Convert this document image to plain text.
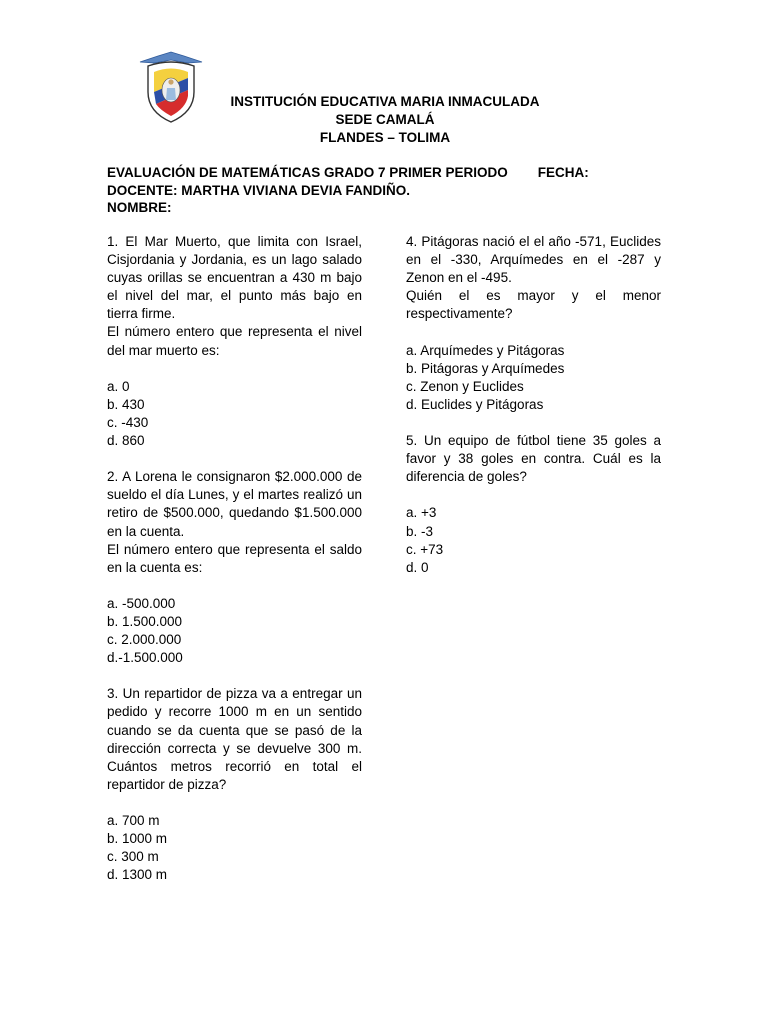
INSTITUCIÓN EDUCATIVA MARIA INMACULADA
SEDE CAMALÁ
FLANDES – TOLIMA
EVALUACIÓN DE MATEMÁTICAS GRADO 7 PRIMER PERIODO FECHA:
DOCENTE: MARTHA VIVIANA DEVIA FANDIÑO.
NOMBRE:

1. El Mar Muerto, que limita con Israel, Cisjordania y Jordania, es un lago salado cuyas orillas se encuentran a 430 m bajo el nivel del mar, el punto más bajo en tierra firme.

El número entero que representa el nivel del mar muerto es:

a. 0

b. 430

c. -430

d. 860

2. A Lorena le consignaron $2.000.000 de sueldo el día Lunes, y el martes realizó un retiro de $500.000, quedando $1.500.000 en la cuenta.

El número entero que representa el saldo en la cuenta es:

a. -500.000

b. 1.500.000

c. 2.000.000

d.-1.500.000

3. Un repartidor de pizza va a entregar un pedido y recorre 1000 m en un sentido cuando se da cuenta que se pasó de la dirección correcta y se devuelve 300 m. Cuántos metros recorrió en total el repartidor de pizza?

a. 700 m

b. 1000 m

c. 300 m

d. 1300 m

4. Pitágoras nació el el año -571, Euclides en el -330, Arquímedes en el -287 y Zenon en el -495.

Quién el es mayor y el menor respectivamente?

a. Arquímedes y Pitágoras

b. Pitágoras y Arquímedes

c. Zenon y Euclides

d. Euclides y Pitágoras

5. Un equipo de fútbol tiene 35 goles a favor y 38 goles en contra. Cuál es la diferencia de goles?

a. +3

b. -3

c. +73

d. 0
